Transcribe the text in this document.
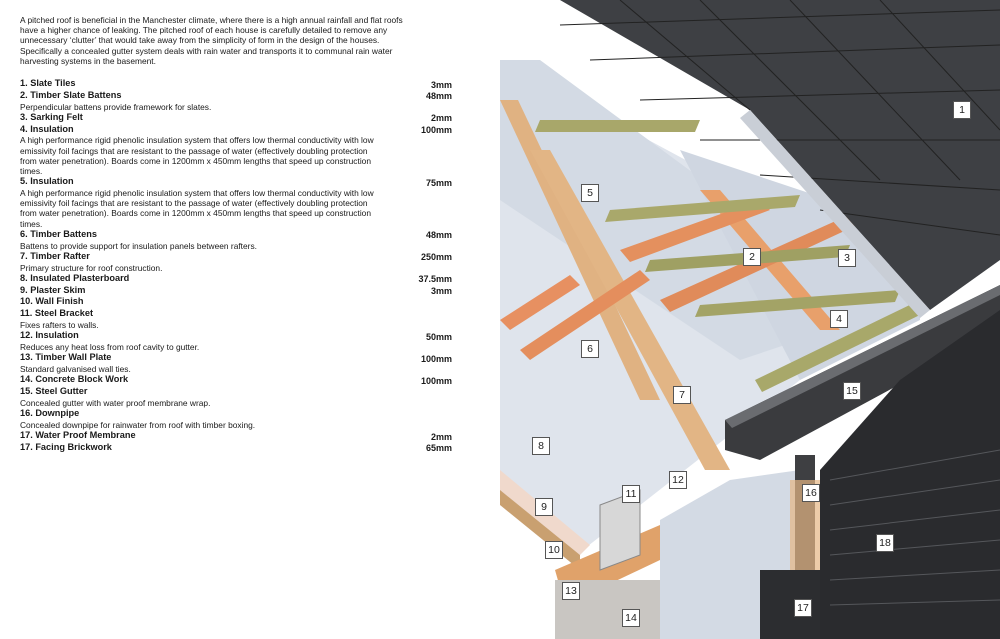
A pitched roof is beneficial in the Manchester climate, where there is a high annual rainfall and flat roofs have a higher chance of leaking. The pitched roof of each house is carefully detailed to remove any unnecessary ‘clutter’ that would take away from the simplicity of form in the design of the houses. Specifically a concealed gutter system deals with rain water and transports it to communal rain water harvesting systems in the basement.

1. Slate Tiles	3mm
2. Timber Slate Battens	48mm

Perpendicular battens provide framework for slates.

3. Sarking Felt	2mm
4. Insulation	100mm

A high performance rigid phenolic insulation system that offers low thermal conductivity with low emissivity foil facings that are resistant to the passage of water (effectively doubling protection from water penetration). Boards come in 1200mm x 450mm lengths that speed up construction times.

5. Insulation	75mm

A high performance rigid phenolic insulation system that offers low thermal conductivity with low emissivity foil facings that are resistant to the passage of water (effectively doubling protection from water penetration). Boards come in 1200mm x 450mm lengths that speed up construction times.

6. Timber Battens	48mm

Battens to provide support for insulation panels between rafters.

7. Timber Rafter	250mm

Primary structure for roof construction.

8. Insulated Plasterboard	37.5mm
9. Plaster Skim	3mm
10. Wall Finish
11. Steel Bracket

Fixes rafters to walls.

12. Insulation	50mm

Reduces any heat loss from roof cavity to gutter.

13. Timber Wall Plate	100mm

Standard galvanised wall ties.

14. Concrete Block Work	100mm
15. Steel Gutter

Concealed gutter with water proof membrane wrap.

16. Downpipe

Concealed downpipe for rainwater from roof with timber boxing.

17. Water Proof Membrane	2mm
17. Facing Brickwork	65mm
1
2	3
4
5
6
7
8
9
10
11
12
13
14
15
16
17
18
